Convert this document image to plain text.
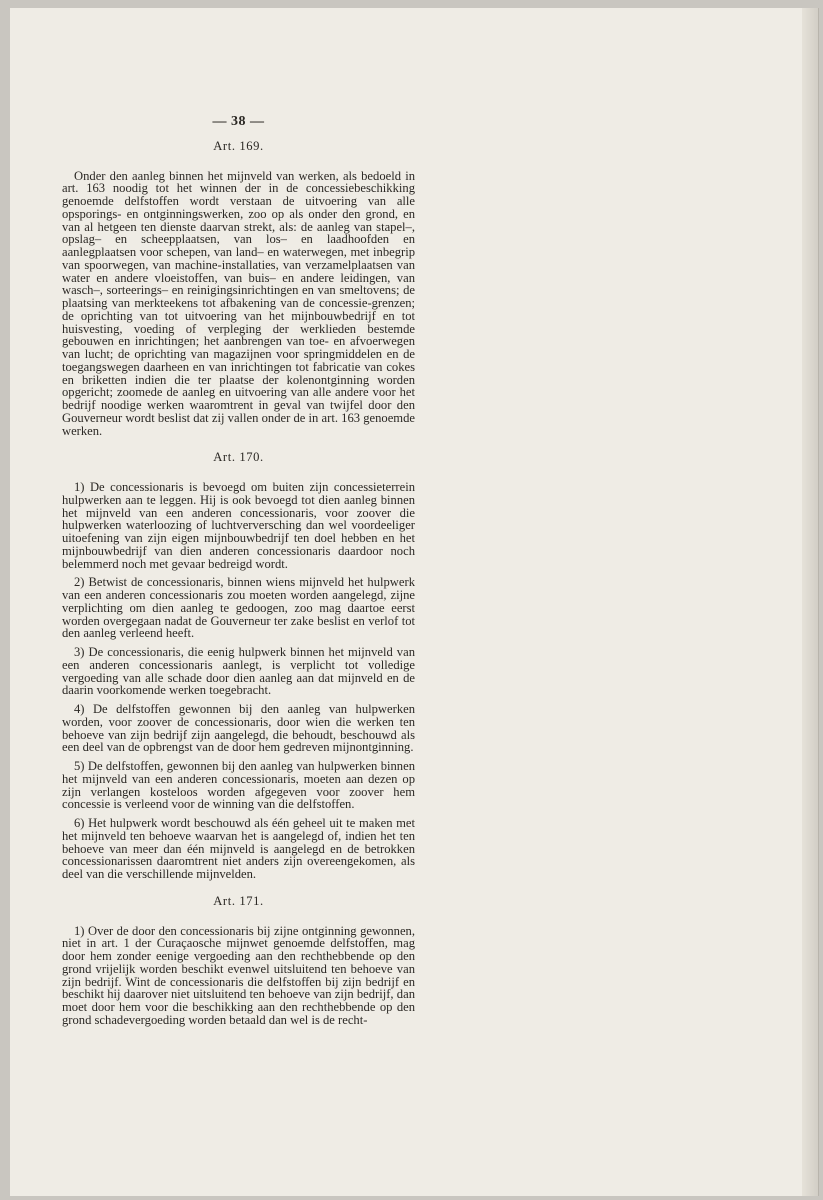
— 38 —
Art. 169.

Onder den aanleg binnen het mijnveld van werken, als bedoeld in art. 163 noodig tot het winnen der in de concessiebeschikking genoemde delfstoffen wordt verstaan de uitvoering van alle opsporings- en ontginningswerken, zoo op als onder den grond, en van al hetgeen ten dienste daarvan strekt, als: de aanleg van stapel–, opslag– en scheepplaatsen, van los– en laadhoofden en aanlegplaatsen voor schepen, van land– en waterwegen, met inbegrip van spoorwegen, van machine-installaties, van verzamelplaatsen van water en andere vloeistoffen, van buis– en andere leidingen, van wasch–, sorteerings– en reinigingsinrichtingen en van smeltovens; de plaatsing van merkteekens tot afbakening van de concessie-grenzen; de oprichting van tot uitvoering van het mijnbouwbedrijf en tot huisvesting, voeding of verpleging der werklieden bestemde gebouwen en inrichtingen; het aanbrengen van toe- en afvoerwegen van lucht; de oprichting van magazijnen voor springmiddelen en de toegangswegen daarheen en van inrichtingen tot fabricatie van cokes en briketten indien die ter plaatse der kolenontginning worden opgericht; zoomede de aanleg en uitvoering van alle andere voor het bedrijf noodige werken waaromtrent in geval van twijfel door den Gouverneur wordt beslist dat zij vallen onder de in art. 163 genoemde werken.

Art. 170.

1) De concessionaris is bevoegd om buiten zijn concessieterrein hulpwerken aan te leggen. Hij is ook bevoegd tot dien aanleg binnen het mijnveld van een anderen concessionaris, voor zoover die hulpwerken waterloozing of luchtverversching dan wel voordeeliger uitoefening van zijn eigen mijnbouwbedrijf ten doel hebben en het mijnbouwbedrijf van dien anderen concessionaris daardoor noch belemmerd noch met gevaar bedreigd wordt.

2) Betwist de concessionaris, binnen wiens mijnveld het hulpwerk van een anderen concessionaris zou moeten worden aangelegd, zijne verplichting om dien aanleg te gedoogen, zoo mag daartoe eerst worden overgegaan nadat de Gouverneur ter zake beslist en verlof tot den aanleg verleend heeft.

3) De concessionaris, die eenig hulpwerk binnen het mijnveld van een anderen concessionaris aanlegt, is verplicht tot volledige vergoeding van alle schade door dien aanleg aan dat mijnveld en de daarin voorkomende werken toegebracht.

4) De delfstoffen gewonnen bij den aanleg van hulpwerken worden, voor zoover de concessionaris, door wien die werken ten behoeve van zijn bedrijf zijn aangelegd, die behoudt, beschouwd als een deel van de opbrengst van de door hem gedreven mijnontginning.

5) De delfstoffen, gewonnen bij den aanleg van hulpwerken binnen het mijnveld van een anderen concessionaris, moeten aan dezen op zijn verlangen kosteloos worden afgegeven voor zoover hem concessie is verleend voor de winning van die delfstoffen.

6) Het hulpwerk wordt beschouwd als één geheel uit te maken met het mijnveld ten behoeve waarvan het is aangelegd of, indien het ten behoeve van meer dan één mijnveld is aangelegd en de betrokken concessionarissen daaromtrent niet anders zijn overeengekomen, als deel van die verschillende mijnvelden.

Art. 171.

1) Over de door den concessionaris bij zijne ontginning gewonnen, niet in art. 1 der Curaçaosche mijnwet genoemde delfstoffen, mag door hem zonder eenige vergoeding aan den rechthebbende op den grond vrijelijk worden beschikt evenwel uitsluitend ten behoeve van zijn bedrijf. Wint de concessionaris die delfstoffen bij zijn bedrijf en beschikt hij daarover niet uitsluitend ten behoeve van zijn bedrijf, dan moet door hem voor die beschikking aan den rechthebbende op den grond schadevergoeding worden betaald dan wel is de recht-
